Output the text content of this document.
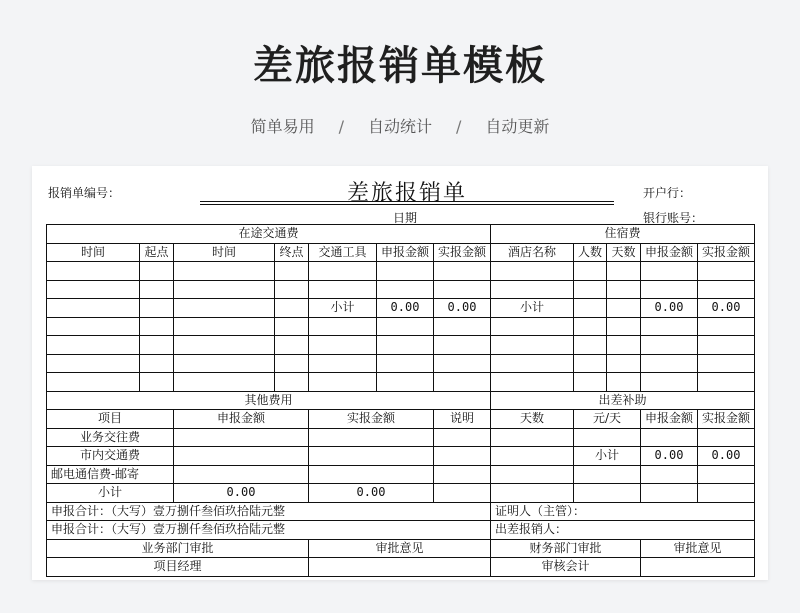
差旅报销单模板
简单易用 / 自动统计 / 自动更新
报销单编号：	差旅报销单	开户行：
日期	银行账号：
在途交通费							住宿费				
时间	起点	时间	终点	交通工具	申报金额	实报金额	酒店名称	人数	天数	申报金额	实报金额

				小计	0.00	0.00	小计			0.00	0.00

其他费用							出差补助				
项目		申报金额		实报金额		说明	天数	元/天		申报金额	实报金额
业务交往费											
市内交通费								小计		0.00	0.00
邮电通信费-邮寄											
小计		0.00		0.00							
申报合计：（大写）壹万捌仟叁佰玖拾陆元整							证明人（主管）：				
申报合计：（大写）壹万捌仟叁佰玖拾陆元整							出差报销人：				
业务部门审批				审批意见			财务部门审批			审批意见	
项目经理							审核会计				
